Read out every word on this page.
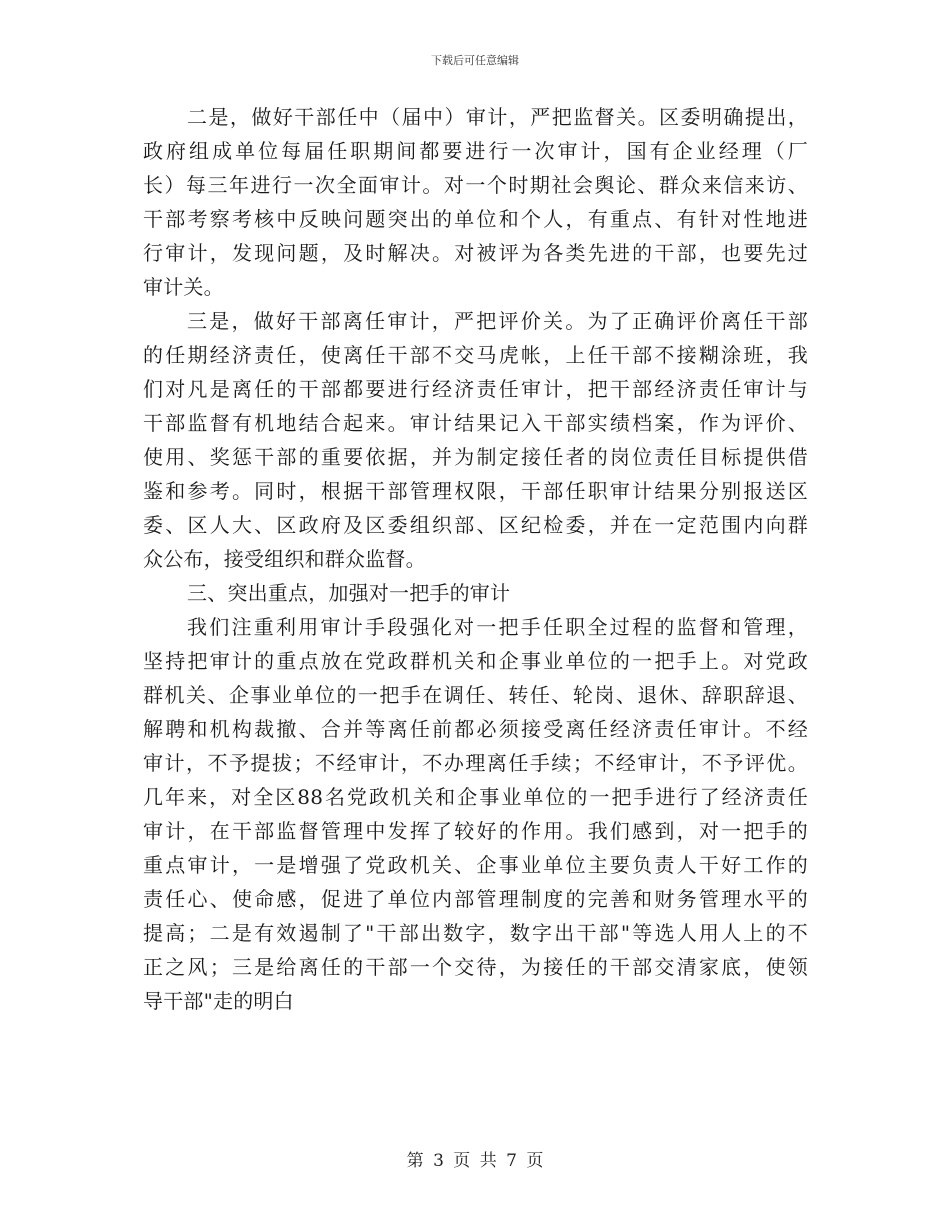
下载后可任意编辑
二是，做好干部任中（届中）审计，严把监督关。区委明确提出，
政府组成单位每届任职期间都要进行一次审计，国有企业经理（厂
长）每三年进行一次全面审计。对一个时期社会舆论、群众来信来访、
干部考察考核中反映问题突出的单位和个人，有重点、有针对性地进
行审计，发现问题，及时解决。对被评为各类先进的干部，也要先过
审计关。
三是，做好干部离任审计，严把评价关。为了正确评价离任干部
的任期经济责任，使离任干部不交马虎帐，上任干部不接糊涂班，我
们对凡是离任的干部都要进行经济责任审计，把干部经济责任审计与
干部监督有机地结合起来。审计结果记入干部实绩档案，作为评价、
使用、奖惩干部的重要依据，并为制定接任者的岗位责任目标提供借
鉴和参考。同时，根据干部管理权限，干部任职审计结果分别报送区
委、区人大、区政府及区委组织部、区纪检委，并在一定范围内向群
众公布，接受组织和群众监督。
三、突出重点，加强对一把手的审计
我们注重利用审计手段强化对一把手任职全过程的监督和管理，
坚持把审计的重点放在党政群机关和企事业单位的一把手上。对党政
群机关、企事业单位的一把手在调任、转任、轮岗、退休、辞职辞退、
解聘和机构裁撤、合并等离任前都必须接受离任经济责任审计。不经
审计，不予提拔；不经审计，不办理离任手续；不经审计，不予评优。
几年来，对全区88名党政机关和企事业单位的一把手进行了经济责任
审计，在干部监督管理中发挥了较好的作用。我们感到，对一把手的
重点审计，一是增强了党政机关、企事业单位主要负责人干好工作的
责任心、使命感，促进了单位内部管理制度的完善和财务管理水平的
提高；二是有效遏制了"干部出数字，数字出干部"等选人用人上的不
正之风；三是给离任的干部一个交待，为接任的干部交清家底，使领
导干部"走的明白
第 3 页 共 7 页
